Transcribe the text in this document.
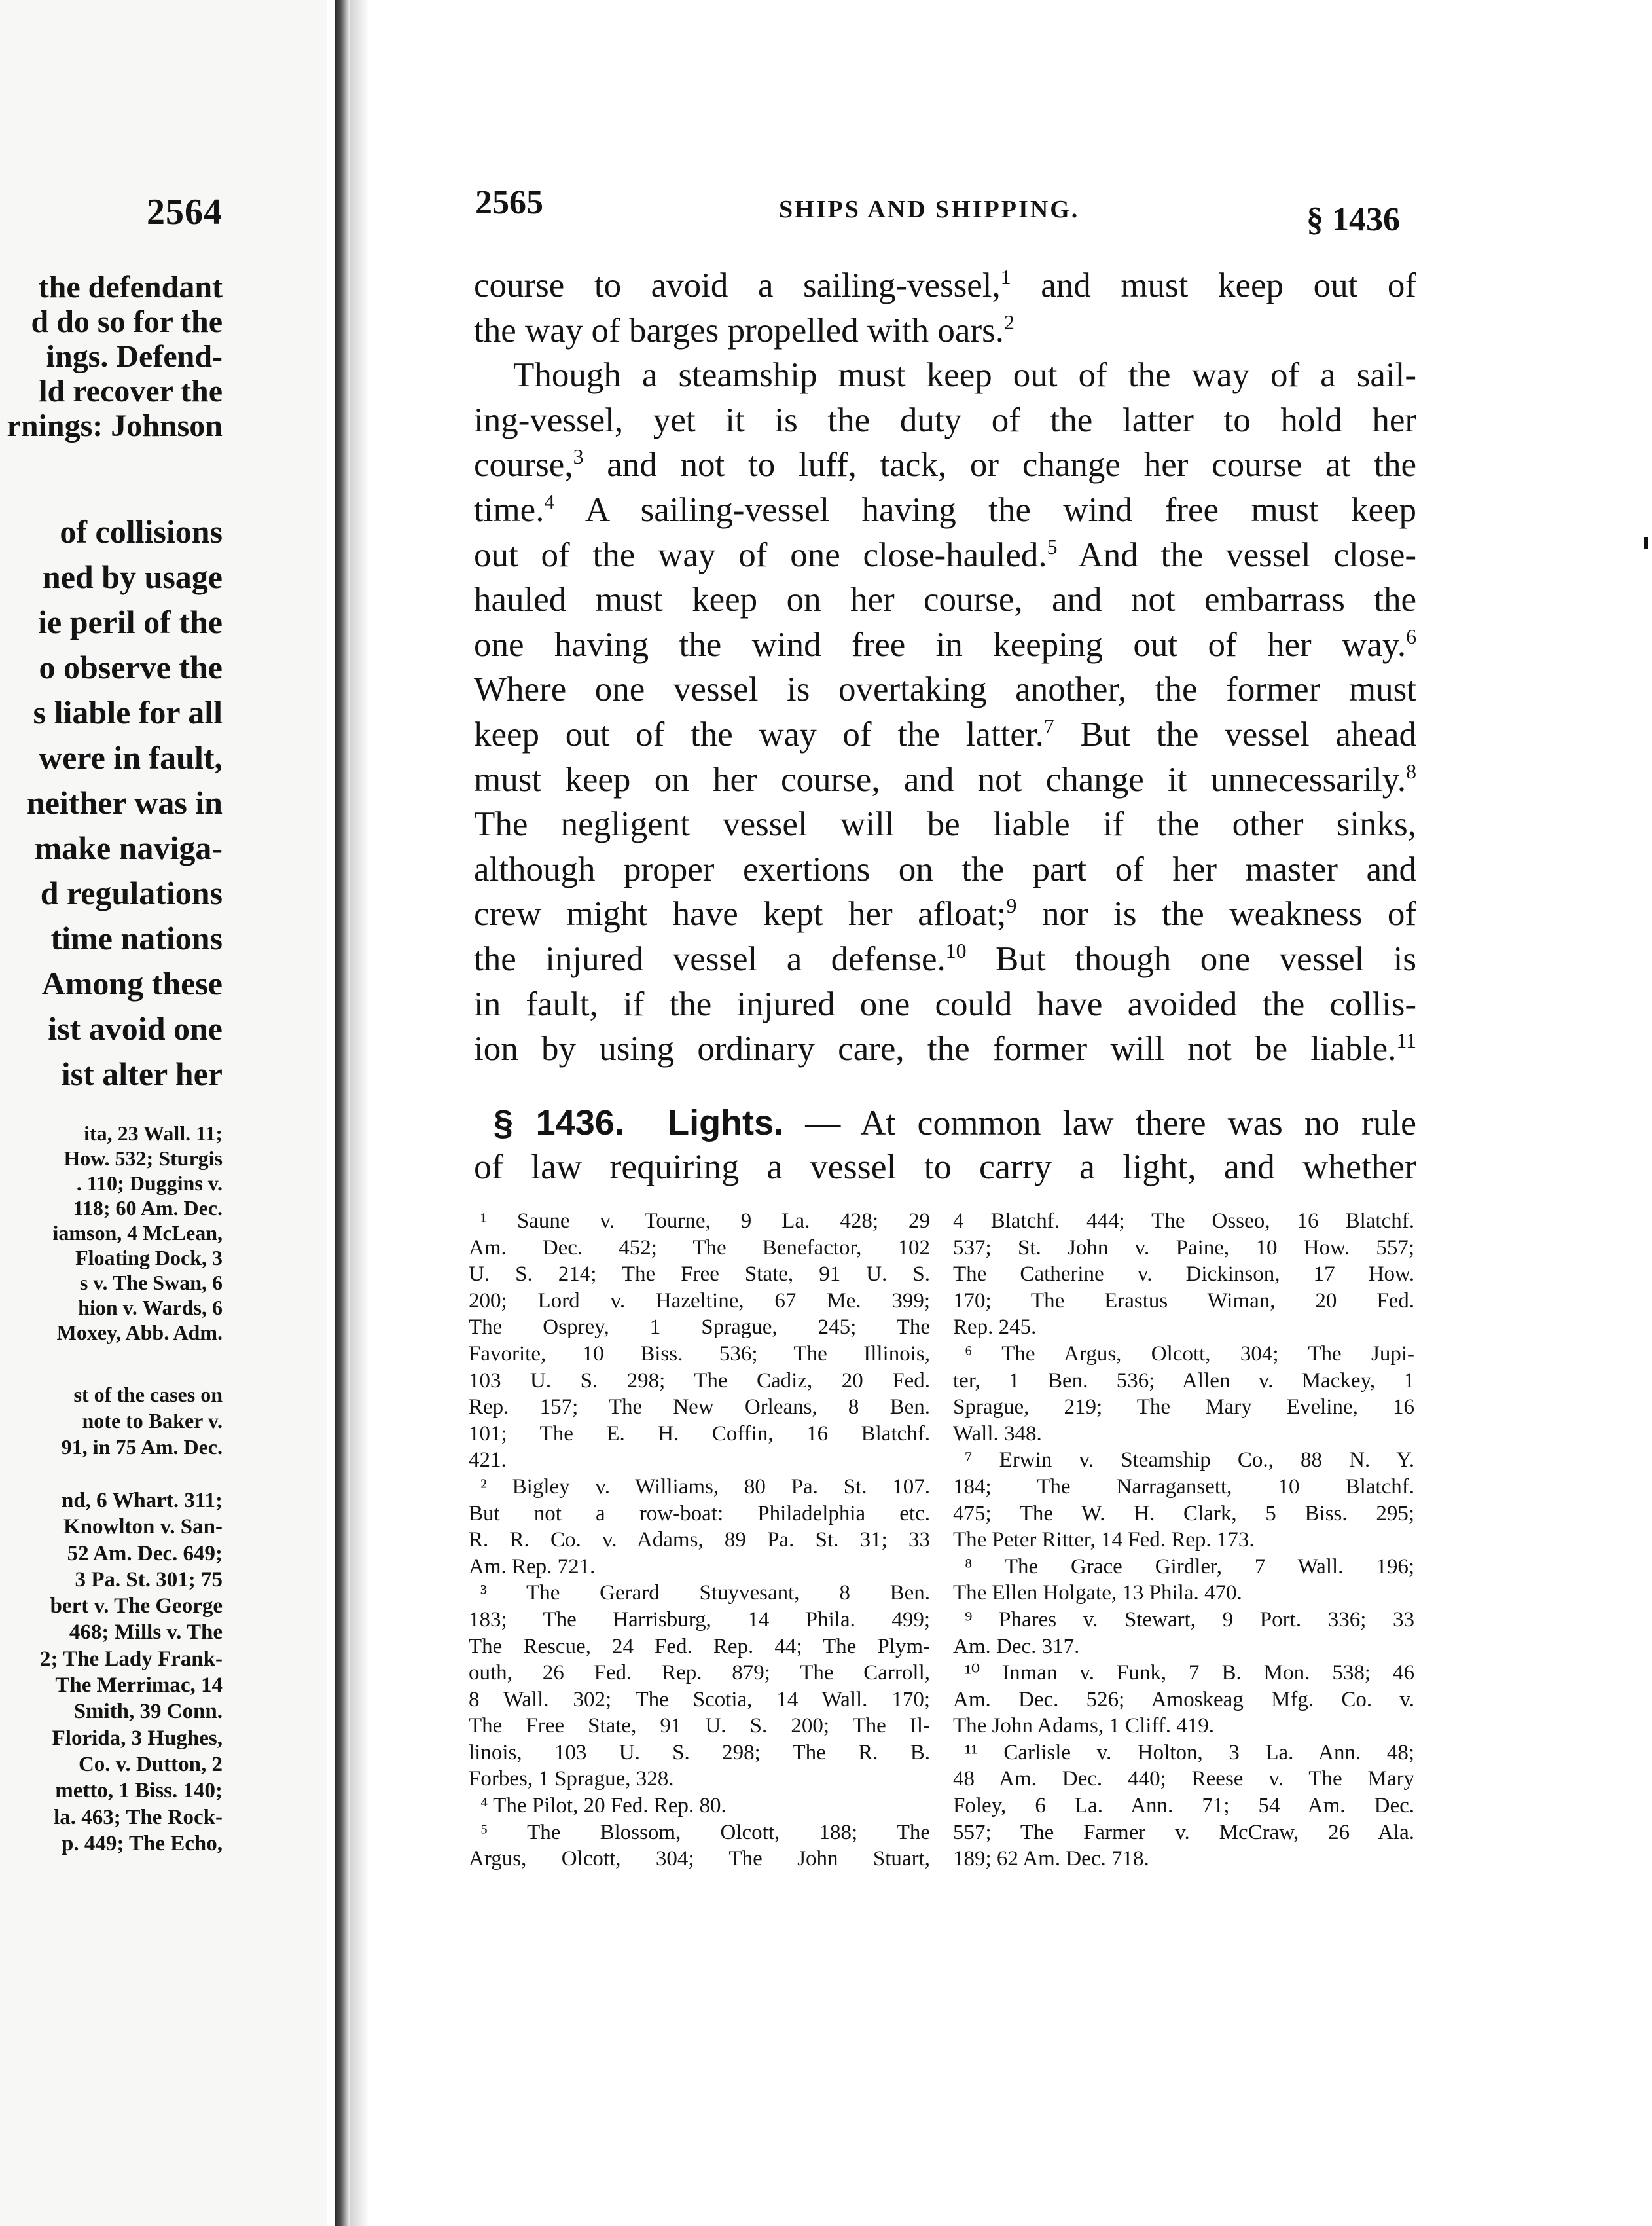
2564
the defendant
d do so for the
ings. Defend-
ld recover the
rnings: Johnson
of collisions
ned by usage
ie peril of the
o observe the
s liable for all
were in fault,
neither was in
make naviga-
d regulations
time nations
Among these
ist avoid one
ist alter her
ita, 23 Wall. 11;
How. 532; Sturgis
. 110; Duggins v.
118; 60 Am. Dec.
iamson, 4 McLean,
Floating Dock, 3
s v. The Swan, 6
hion v. Wards, 6
Moxey, Abb. Adm.
st of the cases on
note to Baker v.
91, in 75 Am. Dec.
nd, 6 Whart. 311;
Knowlton v. San-
52 Am. Dec. 649;
3 Pa. St. 301; 75
bert v. The George
468; Mills v. The
2; The Lady Frank-
The Merrimac, 14
Smith, 39 Conn.
Florida, 3 Hughes,
Co. v. Dutton, 2
metto, 1 Biss. 140;
la. 463; The Rock-
p. 449; The Echo,
2565	SHIPS AND SHIPPING.	§ 1436
course to avoid a sailing-vessel,$^1$ and must keep out of
the way of barges propelled with oars.$^2$
Though a steamship must keep out of the way of a sail-
ing-vessel, yet it is the duty of the latter to hold her
course,$^3$ and not to luff, tack, or change her course at the
time.$^4$ A sailing-vessel having the wind free must keep
out of the way of one close-hauled.$^5$ And the vessel close-
hauled must keep on her course, and not embarrass the
one having the wind free in keeping out of her way.$^6$
Where one vessel is overtaking another, the former must
keep out of the way of the latter.$^7$ But the vessel ahead
must keep on her course, and not change it unnecessarily.$^8$
The negligent vessel will be liable if the other sinks,
although proper exertions on the part of her master and
crew might have kept her afloat;$^9$ nor is the weakness of
the injured vessel a defense.$^{10}$ But though one vessel is
in fault, if the injured one could have avoided the collis-
ion by using ordinary care, the former will not be liable.$^{11}$
§ 1436. Lights. — At common law there was no rule
of law requiring a vessel to carry a light, and whether
¹ Saune v. Tourne, 9 La. 428; 29
Am. Dec. 452; The Benefactor, 102
U. S. 214; The Free State, 91 U. S.
200; Lord v. Hazeltine, 67 Me. 399;
The Osprey, 1 Sprague, 245; The
Favorite, 10 Biss. 536; The Illinois,
103 U. S. 298; The Cadiz, 20 Fed.
Rep. 157; The New Orleans, 8 Ben.
101; The E. H. Coffin, 16 Blatchf.
421.
² Bigley v. Williams, 80 Pa. St. 107.
But not a row-boat: Philadelphia etc.
R. R. Co. v. Adams, 89 Pa. St. 31; 33
Am. Rep. 721.
³ The Gerard Stuyvesant, 8 Ben.
183; The Harrisburg, 14 Phila. 499;
The Rescue, 24 Fed. Rep. 44; The Plym-
outh, 26 Fed. Rep. 879; The Carroll,
8 Wall. 302; The Scotia, 14 Wall. 170;
The Free State, 91 U. S. 200; The Il-
linois, 103 U. S. 298; The R. B.
Forbes, 1 Sprague, 328.
⁴ The Pilot, 20 Fed. Rep. 80.
⁵ The Blossom, Olcott, 188; The
Argus, Olcott, 304; The John Stuart,
4 Blatchf. 444; The Osseo, 16 Blatchf.
537; St. John v. Paine, 10 How. 557;
The Catherine v. Dickinson, 17 How.
170; The Erastus Wiman, 20 Fed.
Rep. 245.
⁶ The Argus, Olcott, 304; The Jupi-
ter, 1 Ben. 536; Allen v. Mackey, 1
Sprague, 219; The Mary Eveline, 16
Wall. 348.
⁷ Erwin v. Steamship Co., 88 N. Y.
184; The Narragansett, 10 Blatchf.
475; The W. H. Clark, 5 Biss. 295;
The Peter Ritter, 14 Fed. Rep. 173.
⁸ The Grace Girdler, 7 Wall. 196;
The Ellen Holgate, 13 Phila. 470.
⁹ Phares v. Stewart, 9 Port. 336; 33
Am. Dec. 317.
¹⁰ Inman v. Funk, 7 B. Mon. 538; 46
Am. Dec. 526; Amoskeag Mfg. Co. v.
The John Adams, 1 Cliff. 419.
¹¹ Carlisle v. Holton, 3 La. Ann. 48;
48 Am. Dec. 440; Reese v. The Mary
Foley, 6 La. Ann. 71; 54 Am. Dec.
557; The Farmer v. McCraw, 26 Ala.
189; 62 Am. Dec. 718.
